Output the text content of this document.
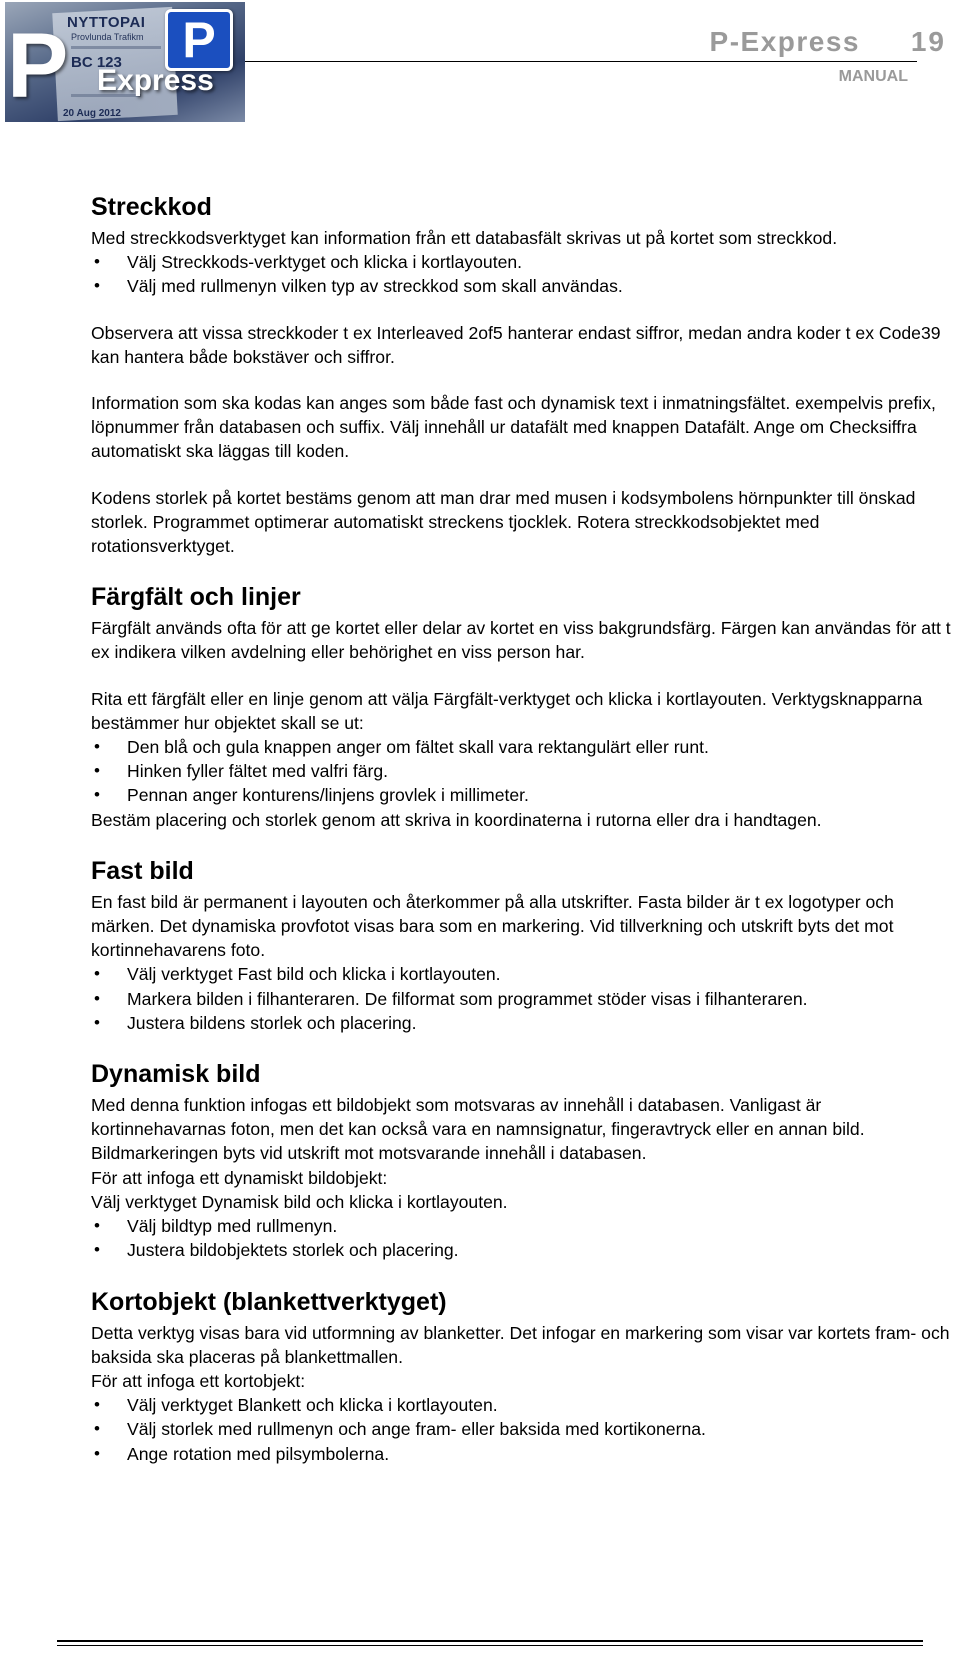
NYTTOPAI
Provlunda Trafikm
BC 123
P	P
Express
20 Aug 2012
P-Express 19
MANUAL
Streckkod

Med streckkodsverktyget kan information från ett databasfält skrivas ut på kortet som streckkod.

• Välj Streckkods-verktyget och klicka i kortlayouten.
• Välj med rullmenyn vilken typ av streckkod som skall användas.

Observera att vissa streckkoder t ex Interleaved 2of5 hanterar endast siffror, medan andra koder t ex Code39 kan hantera både bokstäver och siffror.

Information som ska kodas kan anges som både fast och dynamisk text i inmatningsfältet. exempelvis prefix, löpnummer från databasen och suffix. Välj innehåll ur datafält med knappen Datafält. Ange om Checksiffra automatiskt ska läggas till koden.

Kodens storlek på kortet bestäms genom att man drar med musen i kodsymbolens hörnpunkter till önskad storlek. Programmet optimerar automatiskt streckens tjocklek. Rotera streckkodsobjektet med rotationsverktyget.

Färgfält och linjer

Färgfält används ofta för att ge kortet eller delar av kortet en viss bakgrundsfärg. Färgen kan användas för att t ex indikera vilken avdelning eller behörighet en viss person har.

Rita ett färgfält eller en linje genom att välja Färgfält-verktyget och klicka i kortlayouten. Verktygsknapparna bestämmer hur objektet skall se ut:

• Den blå och gula knappen anger om fältet skall vara rektangulärt eller runt.
• Hinken fyller fältet med valfri färg.
• Pennan anger konturens/linjens grovlek i millimeter.

Bestäm placering och storlek genom att skriva in koordinaterna i rutorna eller dra i handtagen.

Fast bild

En fast bild är permanent i layouten och återkommer på alla utskrifter. Fasta bilder är t ex logotyper och märken. Det dynamiska provfotot visas bara som en markering. Vid tillverkning och utskrift byts det mot kortinnehavarens foto.

• Välj verktyget Fast bild och klicka i kortlayouten.
• Markera bilden i filhanteraren. De filformat som programmet stöder visas i filhanteraren.
• Justera bildens storlek och placering.
Dynamisk bild

Med denna funktion infogas ett bildobjekt som motsvaras av innehåll i databasen. Vanligast är kortinnehavarnas foton, men det kan också vara en namnsignatur, fingeravtryck eller en annan bild.

Bildmarkeringen byts vid utskrift mot motsvarande innehåll i databasen.

För att infoga ett dynamiskt bildobjekt:

Välj verktyget Dynamisk bild och klicka i kortlayouten.

• Välj bildtyp med rullmenyn.
• Justera bildobjektets storlek och placering.
Kortobjekt (blankettverktyget)

Detta verktyg visas bara vid utformning av blanketter. Det infogar en markering som visar var kortets fram- och baksida ska placeras på blankettmallen.

För att infoga ett kortobjekt:

• Välj verktyget Blankett och klicka i kortlayouten.
• Välj storlek med rullmenyn och ange fram- eller baksida med kortikonerna.
• Ange rotation med pilsymbolerna.
